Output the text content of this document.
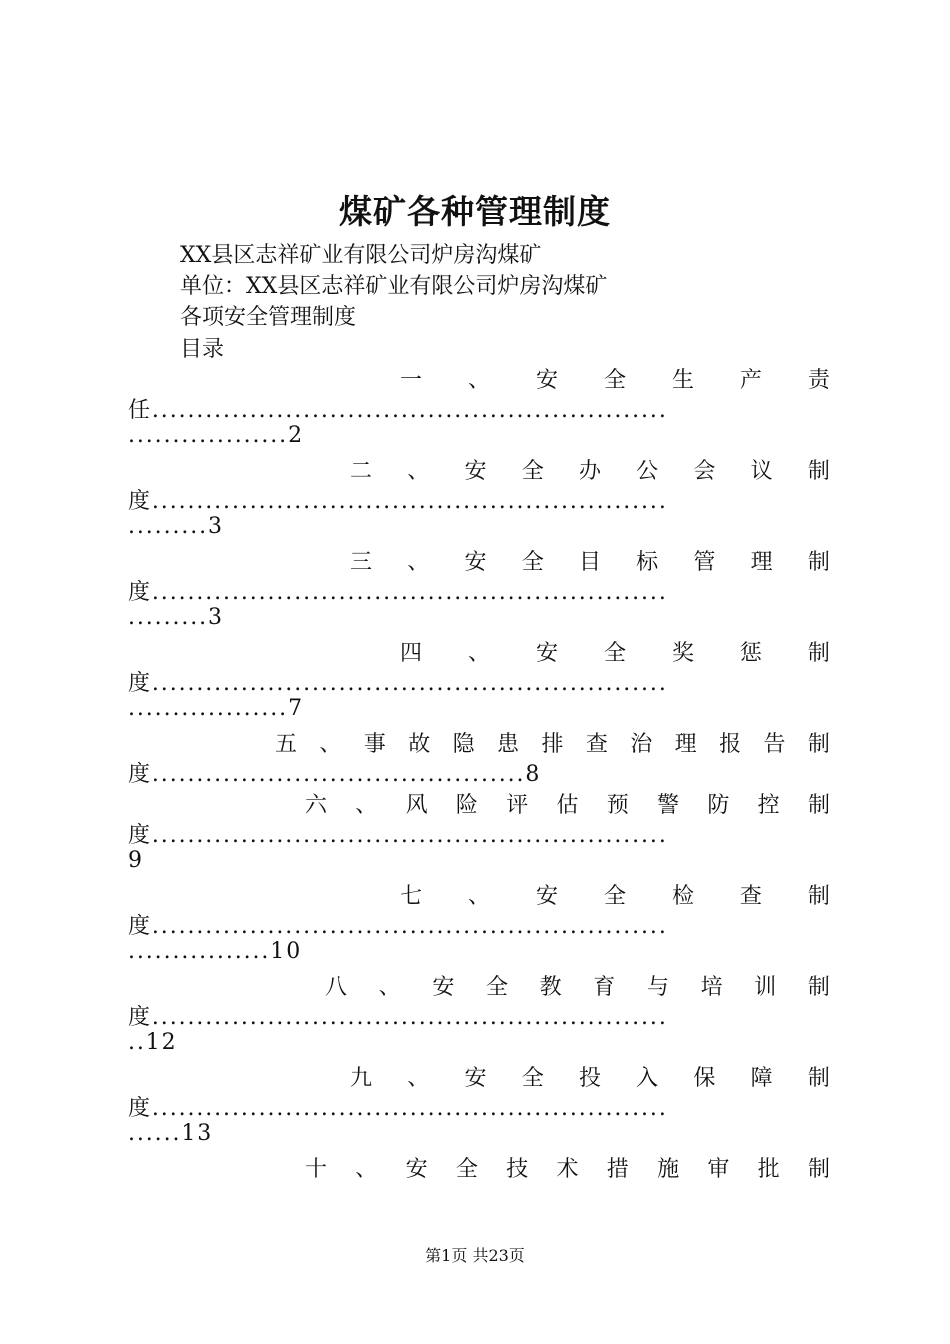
煤矿各种管理制度
XX县区志祥矿业有限公司炉房沟煤矿
单位：XX县区志祥矿业有限公司炉房沟煤矿
各项安全管理制度
目录
一 、 安 全 生 产 责
任..........................................................
..................2
二 、 安 全 办 公 会 议 制
度..........................................................
.........3
三 、 安 全 目 标 管 理 制
度..........................................................
.........3
四 、 安 全 奖 惩 制
度..........................................................
..................7
五 、 事 故 隐 患 排 查 治 理 报 告 制
度..........................................8
六 、 风 险 评 估 预 警 防 控 制
度..........................................................
9
七 、 安 全 检 查 制
度..........................................................
................10
八 、 安 全 教 育 与 培 训 制
度..........................................................
..12
九 、 安 全 投 入 保 障 制
度..........................................................
......13
十 、 安 全 技 术 措 施 审 批 制
第1页 共23页
